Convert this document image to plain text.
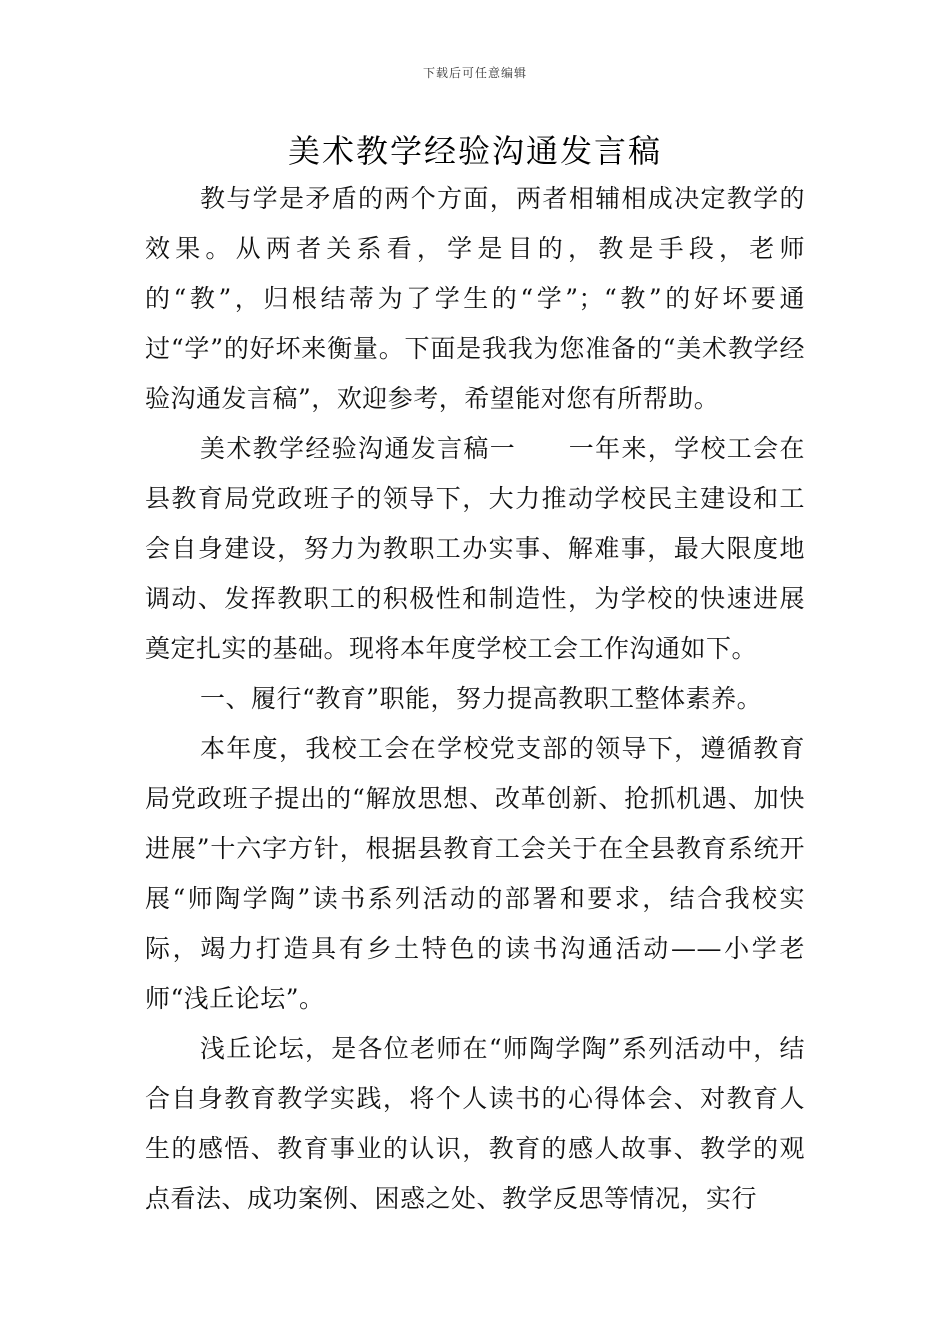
下载后可任意编辑
美术教学经验沟通发言稿

教与学是矛盾的两个方面，两者相辅相成决定教学的效果。从两者关系看，学是目的，教是手段，老师的“教”，归根结蒂为了学生的“学”；“教”的好坏要通过“学”的好坏来衡量。下面是我我为您准备的“美术教学经验沟通发言稿”，欢迎参考，希望能对您有所帮助。

美术教学经验沟通发言稿一　　一年来，学校工会在县教育局党政班子的领导下，大力推动学校民主建设和工会自身建设，努力为教职工办实事、解难事，最大限度地调动、发挥教职工的积极性和制造性，为学校的快速进展奠定扎实的基础。现将本年度学校工会工作沟通如下。

一、履行“教育”职能，努力提高教职工整体素养。

本年度，我校工会在学校党支部的领导下，遵循教育局党政班子提出的“解放思想、改革创新、抢抓机遇、加快进展”十六字方针，根据县教育工会关于在全县教育系统开展“师陶学陶”读书系列活动的部署和要求，结合我校实际，竭力打造具有乡土特色的读书沟通活动——小学老师“浅丘论坛”。

浅丘论坛，是各位老师在“师陶学陶”系列活动中，结合自身教育教学实践，将个人读书的心得体会、对教育人生的感悟、教育事业的认识，教育的感人故事、教学的观点看法、成功案例、困惑之处、教学反思等情况，实行
